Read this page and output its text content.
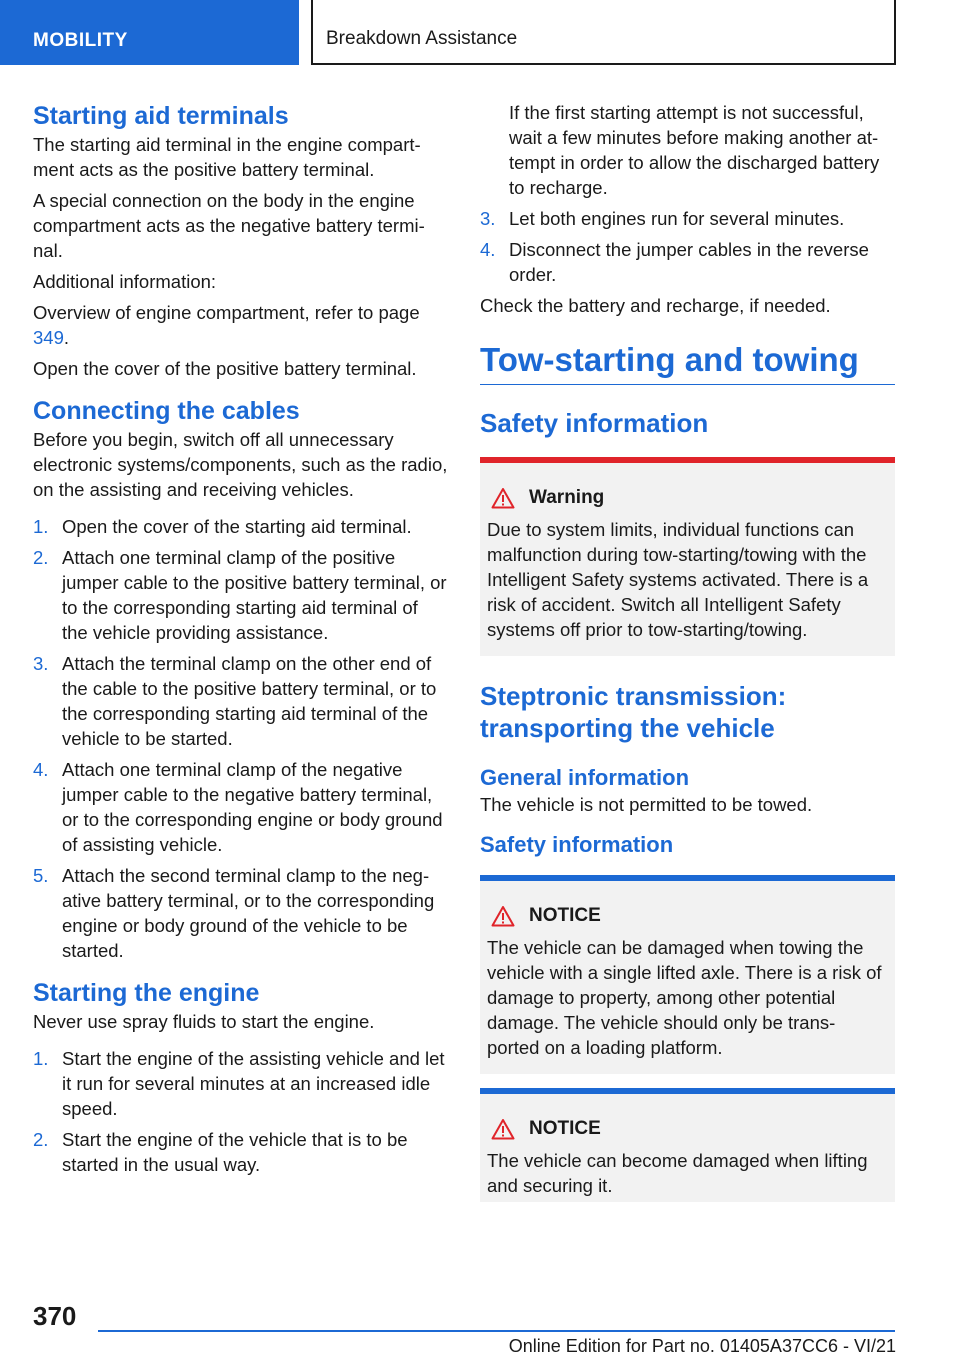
MOBILITY	Breakdown Assistance
Starting aid terminals

The starting aid terminal in the engine compart-ment acts as the positive battery terminal.

A special connection on the body in the engine compartment acts as the negative battery termi-nal.

Additional information:

Overview of engine compartment, refer to page 349.

Open the cover of the positive battery terminal.

Connecting the cables

Before you begin, switch off all unnecessary electronic systems/components, such as the radio, on the assisting and receiving vehicles.

1. Open the cover of the starting aid terminal.
2. Attach one terminal clamp of the positive jumper cable to the positive battery terminal, or to the corresponding starting aid terminal of the vehicle providing assistance.
3. Attach the terminal clamp on the other end of the cable to the positive battery terminal, or to the corresponding starting aid terminal of the vehicle to be started.
4. Attach one terminal clamp of the negative jumper cable to the negative battery terminal, or to the corresponding engine or body ground of assisting vehicle.
5. Attach the second terminal clamp to the neg-ative battery terminal, or to the corresponding engine or body ground of the vehicle to be started.
Starting the engine

Never use spray fluids to start the engine.

1. Start the engine of the assisting vehicle and let it run for several minutes at an increased idle speed.
2. Start the engine of the vehicle that is to be started in the usual way.

If the first starting attempt is not successful, wait a few minutes before making another at-tempt in order to allow the discharged battery to recharge.

3. Let both engines run for several minutes.
4. Disconnect the jumper cables in the reverse order.

Check the battery and recharge, if needed.

Tow-starting and towing
Safety information
Warning
Due to system limits, individual functions can malfunction during tow-starting/towing with the Intelligent Safety systems activated. There is a risk of accident. Switch all Intelligent Safety systems off prior to tow-starting/towing.
Steptronic transmission: transporting the vehicle
General information

The vehicle is not permitted to be towed.

Safety information
NOTICE
The vehicle can be damaged when towing the vehicle with a single lifted axle. There is a risk of damage to property, among other potential damage. The vehicle should only be trans-ported on a loading platform.
NOTICE
The vehicle can become damaged when lifting and securing it.
370
Online Edition for Part no. 01405A37CC6 - VI/21
